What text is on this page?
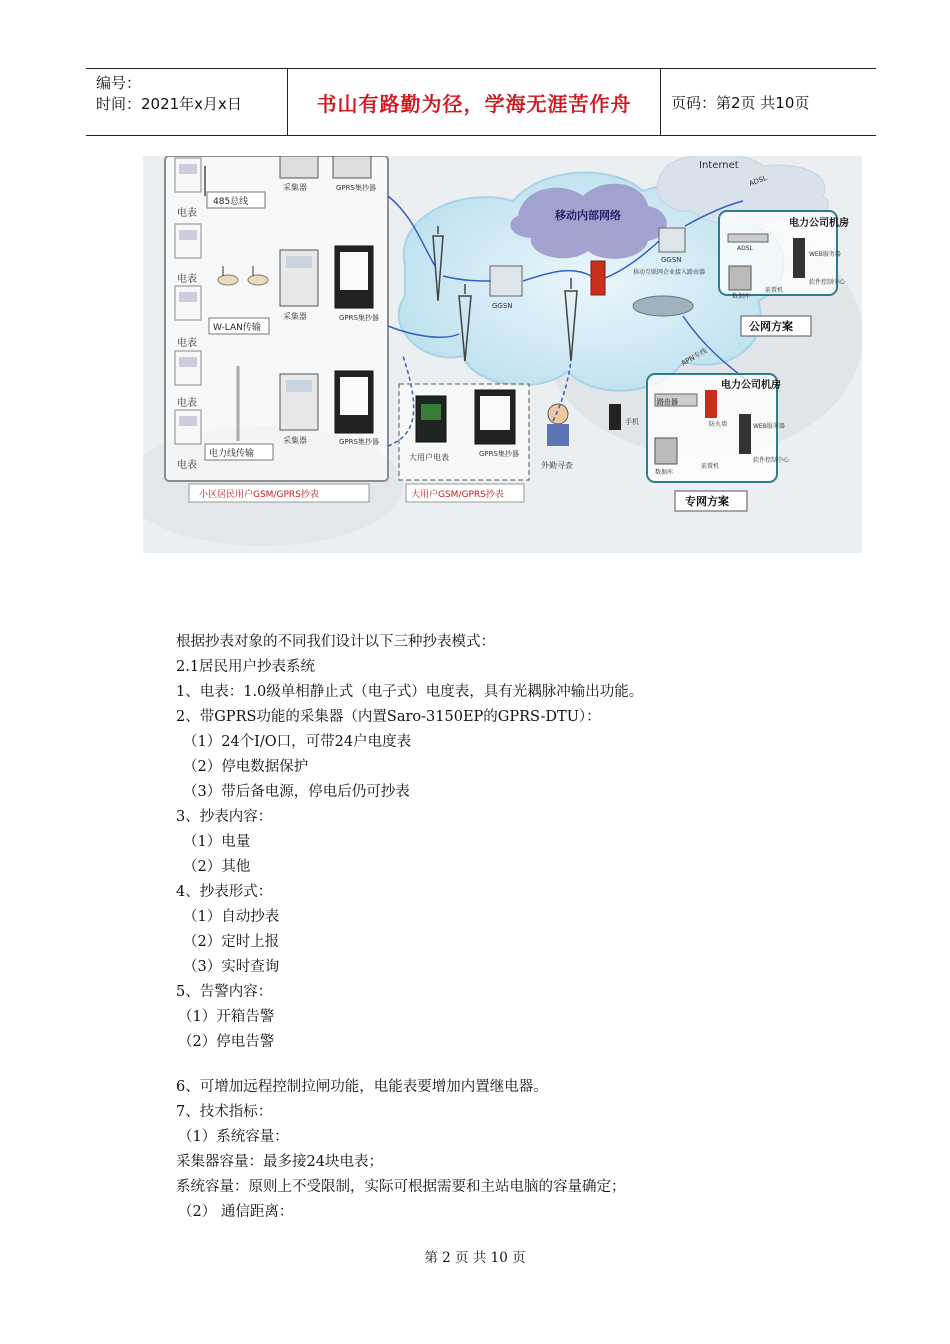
编号：
时间：2021年x月x日	书山有路勤为径，学海无涯苦作舟	页码：第2页 共10页
移动内部网络
Internet
ADSL
电表
电表
电表
电表
电表
485总线
采集器	GPRS集抄器
W-LAN传输
采集器	GPRS集抄器
电力线传输
采集器	GPRS集抄器
小区居民用户GSM/GPRS抄表
大用户电表	GPRS集抄器
大用户GSM/GPRS抄表
外勤寻查
手机
GGSN
GGSN
移动互联网企业接入路由器
APN专线
电力公司机房
ADSL
WEB服务器
数据库
前置机
软件控制中心
公网方案
电力公司机房
路由器
防火墙	WEB服务器
数据库
前置机
软件控制中心
专网方案
根据抄表对象的不同我们设计以下三种抄表模式：
2.1居民用户抄表系统
1、电表：1.0级单相静止式（电子式）电度表，具有光耦脉冲输出功能。
2、带GPRS功能的采集器（内置Saro-3150EP的GPRS-DTU）：
（1）24个I/O口，可带24户电度表
（2）停电数据保护
（3）带后备电源，停电后仍可抄表
3、抄表内容：
（1）电量
（2）其他
4、抄表形式：
（1）自动抄表
（2）定时上报
（3）实时查询
5、告警内容：
（1）开箱告警
（2）停电告警
6、可增加远程控制拉闸功能，电能表要增加内置继电器。
7、技术指标：
（1）系统容量：
采集器容量：最多接24块电表；
系统容量：原则上不受限制，实际可根据需要和主站电脑的容量确定；
（2） 通信距离：
第 2 页 共 10 页
